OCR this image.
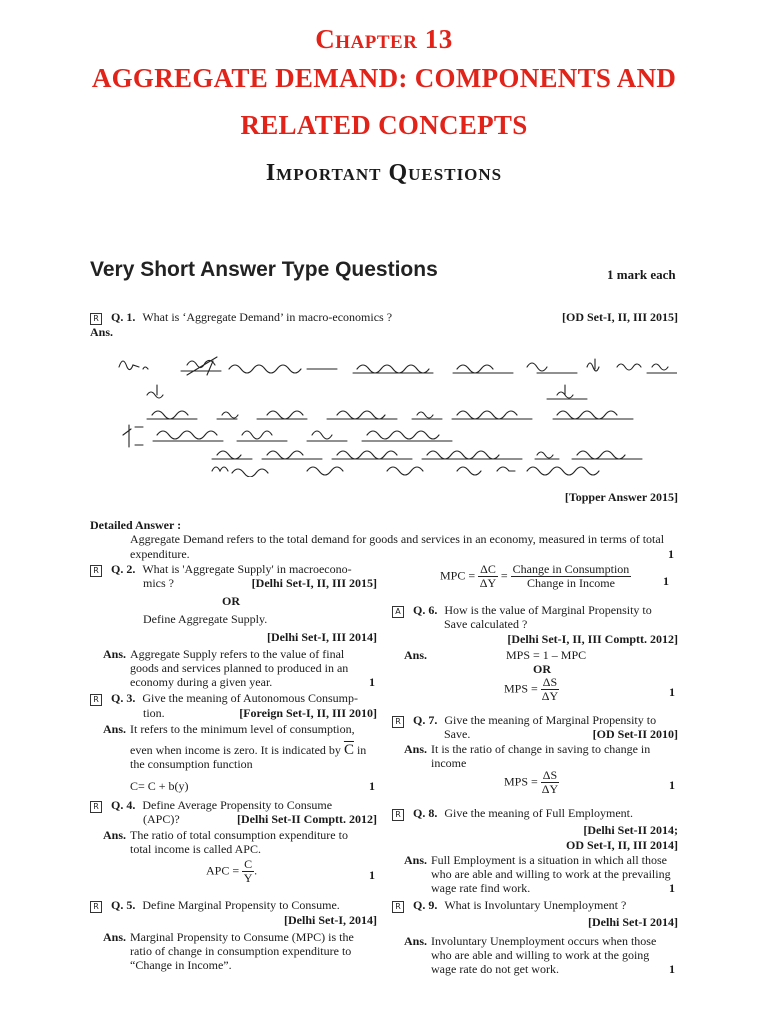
Chapter 13
AGGREGATE DEMAND: COMPONENTS AND
RELATED CONCEPTS
Important Questions
Very Short Answer Type Questions	1 mark each
R Q. 1. What is ‘Aggregate Demand’ in macro-economics ?	[OD Set-I, II, III 2015]
Ans.
[Topper Answer 2015]
Detailed Answer :
Aggregate Demand refers to the total demand for goods and services in an economy, measured in terms of total
expenditure.	1
R Q. 2. What is 'Aggregate Supply' in macroecono-
mics ?	[Delhi Set-I, II, III 2015]
OR
Define Aggregate Supply.
[Delhi Set-I, III 2014]
Ans. Aggregate Supply refers to the value of final
goods and services planned to produced in an
economy during a given year.	1
R Q. 3. Give the meaning of Autonomous Consump-
tion.	[Foreign Set-I, II, III 2010]
Ans. It refers to the minimum level of consumption,
even when income is zero. It is indicated by $\overline{C}$ in
the consumption function
C= C + b(y)	1
R Q. 4. Define Average Propensity to Consume
(APC)?	[Delhi Set-II Comptt. 2012]
Ans. The ratio of total consumption expenditure to
total income is called APC.
APC = $\frac{C}{Y}$ .	1
R Q. 5. Define Marginal Propensity to Consume.
[Delhi Set-I, 2014]
Ans. Marginal Propensity to Consume (MPC) is the
ratio of change in consumption expenditure to
“Change in Income”.
MPC = $\frac{\Delta C}{\Delta Y} = \frac{\text{Change in Consumption}}{\text{Change in Income}}$	1
A Q. 6. How is the value of Marginal Propensity to
Save calculated ?
[Delhi Set-I, II, III Comptt. 2012]
Ans.	MPS = 1 – MPC
OR
MPS = $\frac{\Delta S}{\Delta Y}$	1
R Q. 7. Give the meaning of Marginal Propensity to
Save.	[OD Set-II 2010]
Ans. It is the ratio of change in saving to change in
income
MPS = $\frac{\Delta S}{\Delta Y}$	1
R Q. 8. Give the meaning of Full Employment.
[Delhi Set-II 2014;
OD Set-I, II, III 2014]
Ans. Full Employment is a situation in which all those
who are able and willing to work at the prevailing
wage rate find work.	1
R Q. 9. What is Involuntary Unemployment ?
[Delhi Set-I 2014]
Ans. Involuntary Unemployment occurs when those
who are able and willing to work at the going
wage rate do not get work.	1
